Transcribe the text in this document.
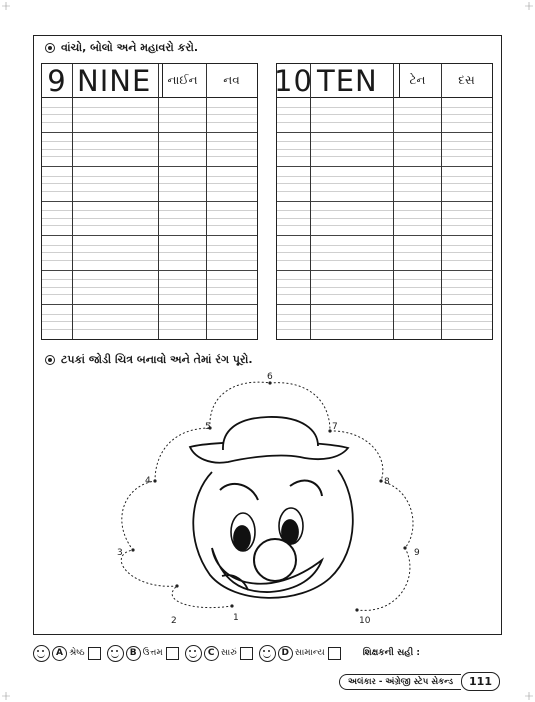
વાંચો, બોલો અને મહાવરો કરો.
9 NINE	નાઈન	નવ	10 TEN	ટેન	દસ
ટપકાં જોડી ચિત્ર બનાવો અને તેમાં રંગ પૂરો.
1
2
3
4
5
6
7
8
9
10
A શ્રેષ્ઠ	B ઉત્તમ	C સારું	D સામાન્ય	શિક્ષકની સહી :
અલંકાર - અંગ્રેજી સ્ટેપ સેકન્ડ	111
